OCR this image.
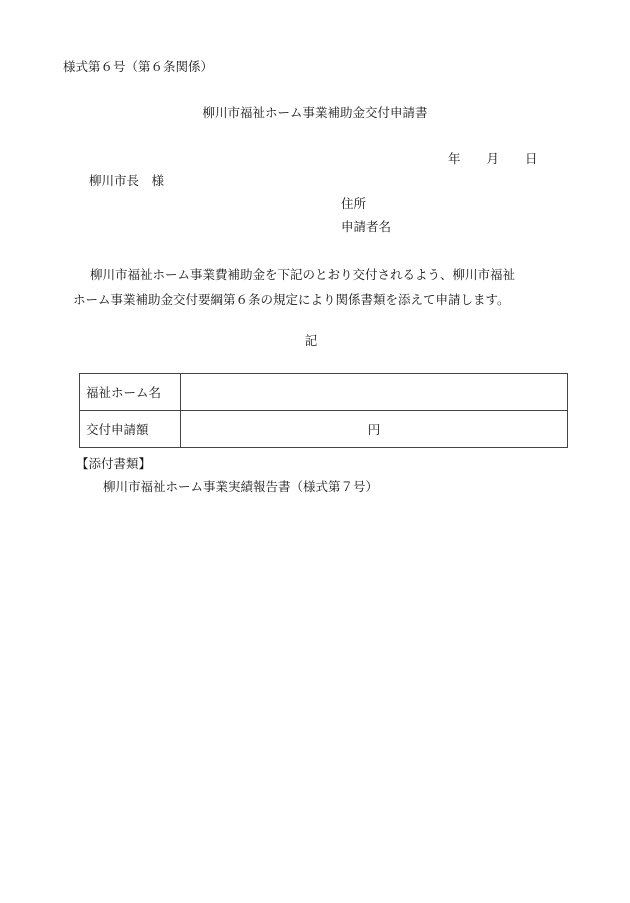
様式第６号（第６条関係）
柳川市福祉ホーム事業補助金交付申請書
年 月 日
柳川市長　様
住所
申請者名

柳川市福祉ホーム事業費補助金を下記のとおり交付されるよう、柳川市福祉

ホーム事業補助金交付要綱第６条の規定により関係書類を添えて申請します。

記
福祉ホーム名	
交付申請額	円
【添付書類】
柳川市福祉ホーム事業実績報告書（様式第７号）
